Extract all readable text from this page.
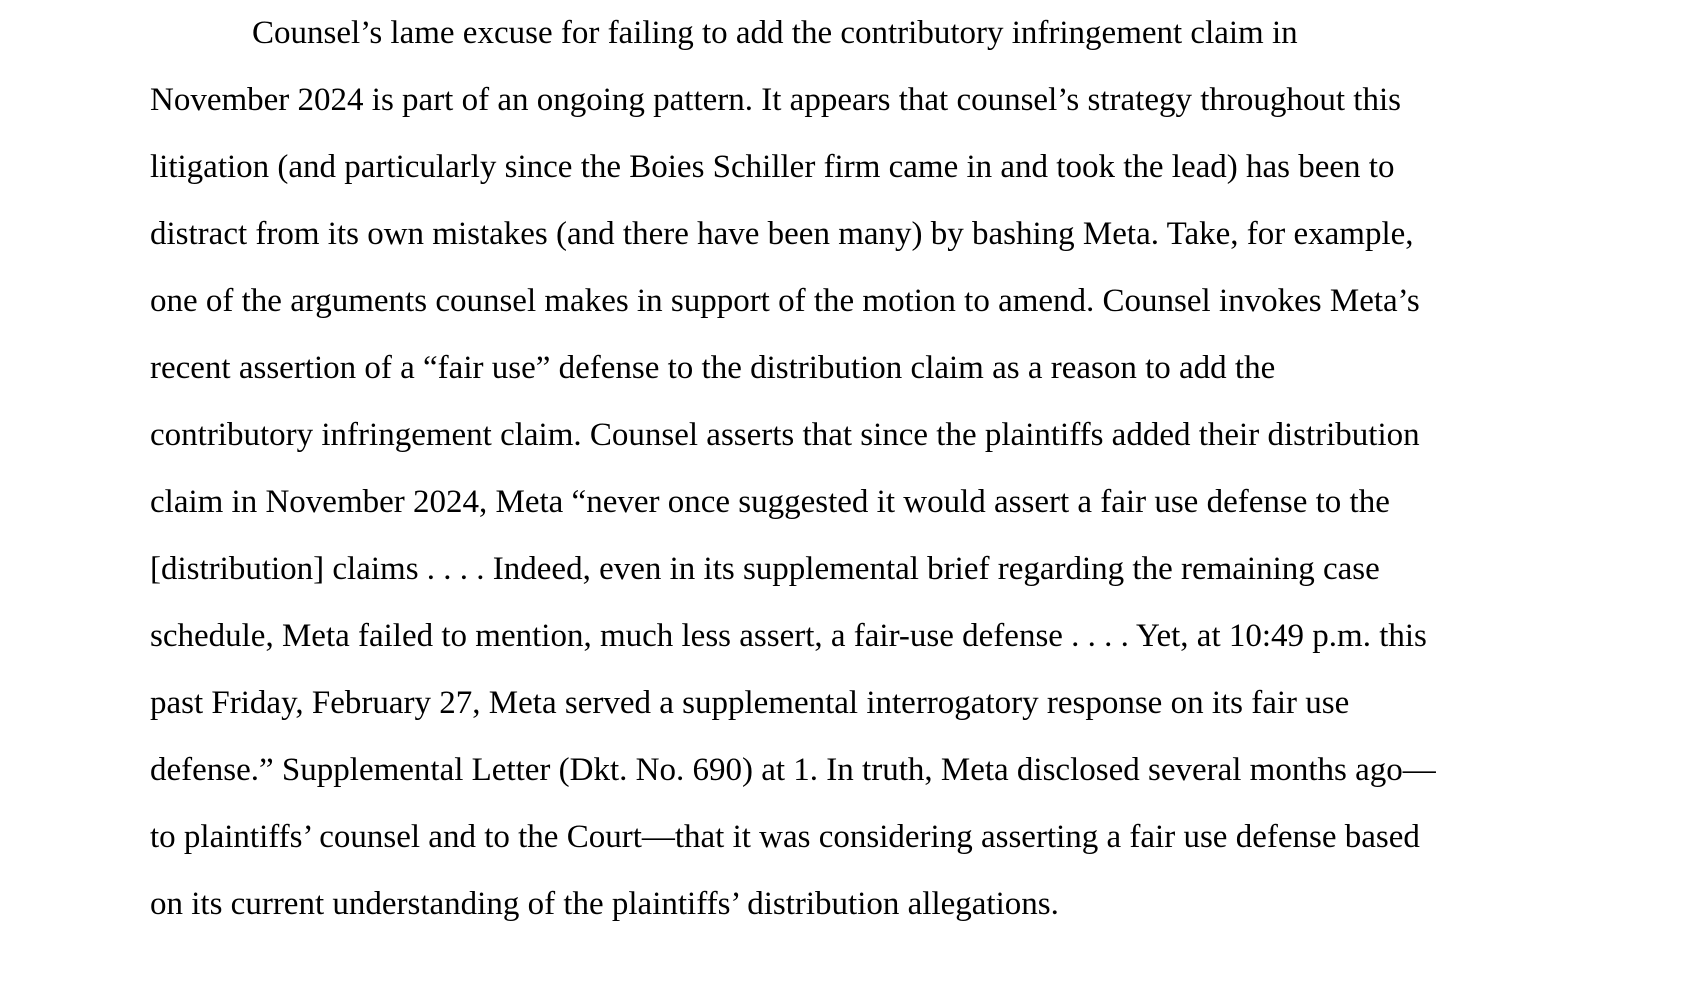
Counsel’s lame excuse for failing to add the contributory infringement claim in
November 2024 is part of an ongoing pattern. It appears that counsel’s strategy throughout this
litigation (and particularly since the Boies Schiller firm came in and took the lead) has been to
distract from its own mistakes (and there have been many) by bashing Meta. Take, for example,
one of the arguments counsel makes in support of the motion to amend. Counsel invokes Meta’s
recent assertion of a “fair use” defense to the distribution claim as a reason to add the
contributory infringement claim. Counsel asserts that since the plaintiffs added their distribution
claim in November 2024, Meta “never once suggested it would assert a fair use defense to the
[distribution] claims . . . . Indeed, even in its supplemental brief regarding the remaining case
schedule, Meta failed to mention, much less assert, a fair-use defense . . . . Yet, at 10:49 p.m. this
past Friday, February 27, Meta served a supplemental interrogatory response on its fair use
defense.” Supplemental Letter (Dkt. No. 690) at 1. In truth, Meta disclosed several months ago—
to plaintiffs’ counsel and to the Court—that it was considering asserting a fair use defense based
on its current understanding of the plaintiffs’ distribution allegations.
